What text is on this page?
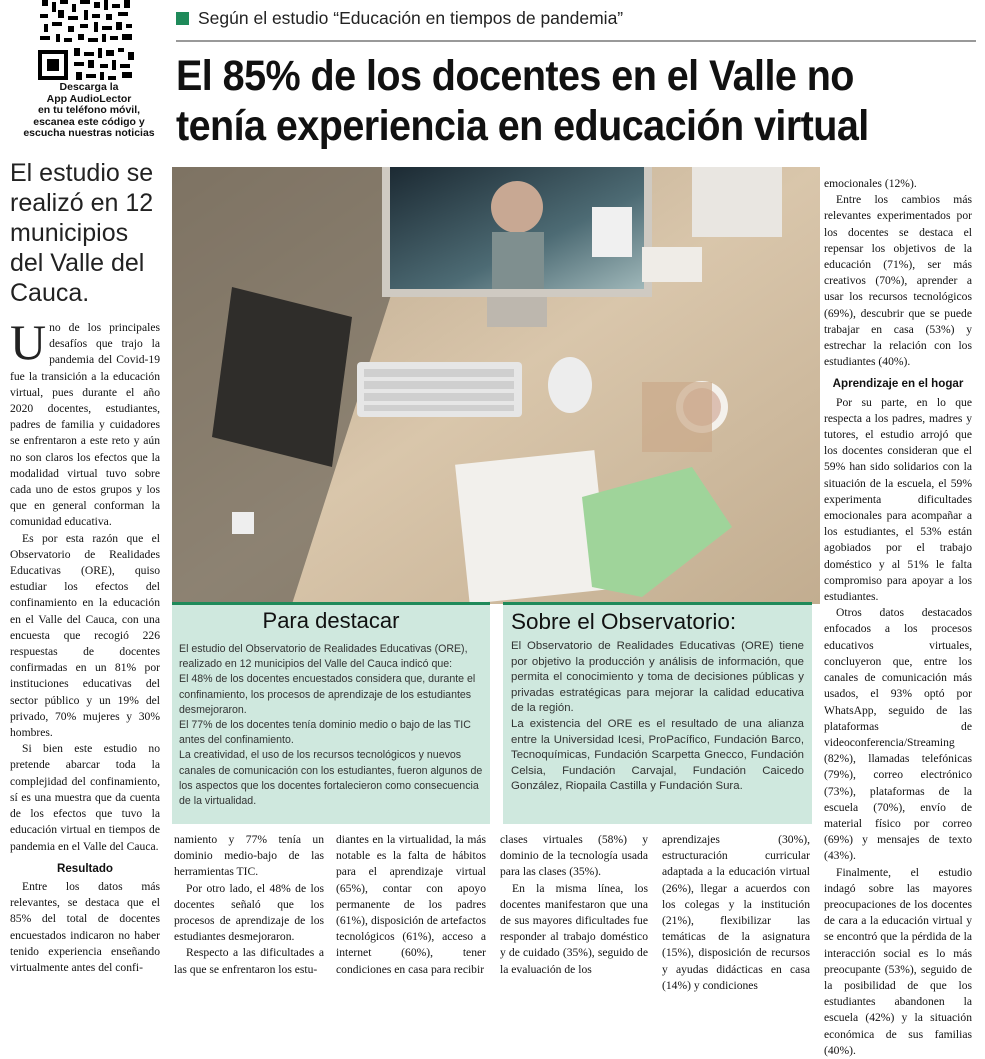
Descarga la
App AudioLector
en tu teléfono móvil,
escanea este código y
escucha nuestras noticias
Según el estudio “Educación en tiempos de pandemia”
El 85% de los docentes en el Valle no
tenía experiencia en educación virtual
El estudio se realizó en 12 municipios del Valle del Cauca.

Uno de los principales desafíos que trajo la pandemia del Covid-19 fue la transición a la educación virtual, pues durante el año 2020 docentes, estudiantes, padres de familia y cuidadores se enfrentaron a este reto y aún no son claros los efectos que la modalidad virtual tuvo sobre cada uno de estos grupos y los que en general conforman la comunidad educativa.

Es por esta razón que el Observatorio de Realidades Educativas (ORE), quiso estudiar los efectos del confinamiento en la educación en el Valle del Cauca, con una encuesta que recogió 226 respuestas de docentes confirmadas en un 81% por instituciones educativas del sector público y un 19% del privado, 70% mujeres y 30% hombres.

Si bien este estudio no pretende abarcar toda la complejidad del confinamiento, sí es una muestra que da cuenta de los efectos que tuvo la educación virtual en tiempos de pandemia en el Valle del Cauca.

Resultado

Entre los datos más relevantes, se destaca que el 85% del total de docentes encuestados indicaron no haber tenido experiencia enseñando virtualmente antes del confi-

Para destacar

El estudio del Observatorio de Realidades Educativas (ORE), realizado en 12 municipios del Valle del Cauca indicó que:

El 48% de los docentes encuestados considera que, durante el confinamiento, los procesos de aprendizaje de los estudiantes desmejoraron.

El 77% de los docentes tenía dominio medio o bajo de las TIC antes del confinamiento.

La creatividad, el uso de los recursos tecnológicos y nuevos canales de comunicación con los estudiantes, fueron algunos de los aspectos que los docentes fortalecieron como consecuencia de la virtualidad.

Sobre el Observatorio:

El Observatorio de Realidades Educativas (ORE) tiene por objetivo la producción y análisis de información, que permita el conocimiento y toma de decisiones públicas y privadas estratégicas para mejorar la calidad educativa de la región.

La existencia del ORE es el resultado de una alianza entre la Universidad Icesi, ProPacífico, Fundación Barco, Tecnoquímicas, Fundación Scarpetta Gnecco, Fundación Celsia, Fundación Carvajal, Fundación Caicedo González, Riopaila Castilla y Fundación Sura.

namiento y 77% tenía un dominio medio-bajo de las herramientas TIC.

Por otro lado, el 48% de los docentes señaló que los procesos de aprendizaje de los estudiantes desmejoraron.

Respecto a las dificultades a las que se enfrentaron los estu-

diantes en la virtualidad, la más notable es la falta de hábitos para el aprendizaje virtual (65%), contar con apoyo permanente de los padres (61%), disposición de artefactos tecnológicos (61%), acceso a internet (60%), tener condiciones en casa para recibir

clases virtuales (58%) y dominio de la tecnología usada para las clases (35%).

En la misma línea, los docentes manifestaron que una de sus mayores dificultades fue responder al trabajo doméstico y de cuidado (35%), seguido de la evaluación de los

aprendizajes (30%), estructuración curricular adaptada a la educación virtual (26%), llegar a acuerdos con los colegas y la institución (21%), flexibilizar las temáticas de la asignatura (15%), disposición de recursos y ayudas didácticas en casa (14%) y condiciones

emocionales (12%).

Entre los cambios más relevantes experimentados por los docentes se destaca el repensar los objetivos de la educación (71%), ser más creativos (70%), aprender a usar los recursos tecnológicos (69%), descubrir que se puede trabajar en casa (53%) y estrechar la relación con los estudiantes (40%).

Aprendizaje en el hogar

Por su parte, en lo que respecta a los padres, madres y tutores, el estudio arrojó que los docentes consideran que el 59% han sido solidarios con la situación de la escuela, el 59% experimenta dificultades emocionales para acompañar a los estudiantes, el 53% están agobiados por el trabajo doméstico y al 51% le falta compromiso para apoyar a los estudiantes.

Otros datos destacados enfocados a los procesos educativos virtuales, concluyeron que, entre los canales de comunicación más usados, el 93% optó por WhatsApp, seguido de las plataformas de videoconferencia/Streaming (82%), llamadas telefónicas (79%), correo electrónico (73%), plataformas de la escuela (70%), envío de material físico por correo (69%) y mensajes de texto (43%).

Finalmente, el estudio indagó sobre las mayores preocupaciones de los docentes de cara a la educación virtual y se encontró que la pérdida de la interacción social es lo más preocupante (53%), seguido de la posibilidad de que los estudiantes abandonen la escuela (42%) y la situación económica de sus familias (40%).
